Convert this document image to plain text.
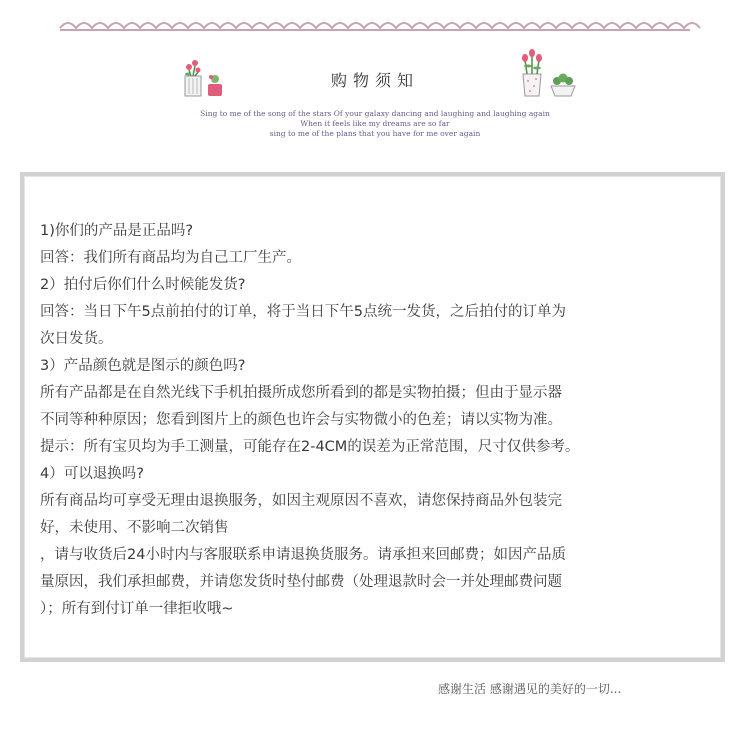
购物须知
Sing to me of the song of the stars Of your galaxy dancing and laughing and laughing again
When it feels like my dreams are so far
sing to me of the plans that you have for me over again
1)你们的产品是正品吗?
回答：我们所有商品均为自己工厂生产。
2）拍付后你们什么时候能发货?
回答：当日下午5点前拍付的订单，将于当日下午5点统一发货，之后拍付的订单为
次日发货。
3）产品颜色就是图示的颜色吗?
所有产品都是在自然光线下手机拍摄所成您所看到的都是实物拍摄；但由于显示器
不同等种种原因；您看到图片上的颜色也许会与实物微小的色差；请以实物为准。
提示：所有宝贝均为手工测量，可能存在2-4CM的误差为正常范围，尺寸仅供参考。
4）可以退换吗?
所有商品均可享受无理由退换服务，如因主观原因不喜欢，请您保持商品外包装完
好，未使用、不影响二次销售
，请与收货后24小时内与客服联系申请退换货服务。请承担来回邮费；如因产品质
量原因，我们承担邮费，并请您发货时垫付邮费（处理退款时会一并处理邮费问题
）；所有到付订单一律拒收哦~
感谢生活 感谢遇见的美好的一切...
